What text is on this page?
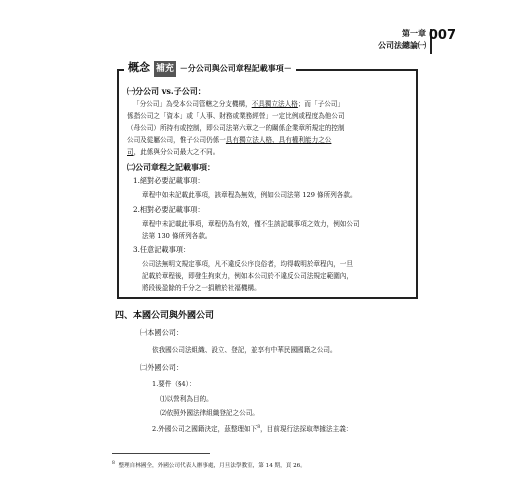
第一章
公司法總論㈠
007
概念 補充 －分公司與公司章程記載事項－
㈠分公司 vs.子公司：
「分公司」為受本公司管轄之分支機構，不具獨立法人格；而「子公司」
係指公司之「資本」或「人事、財務或業務經營」一定比例或程度為他公司
（母公司）所持有或控制，即公司法第六章之一的關係企業章所規定的控制
公司及從屬公司，惟子公司仍係一具有獨立法人格、具有權利能力之公
司，此係與分公司最大之不同。
㈡公司章程之記載事項：
1.絕對必要記載事項：
章程中如未記載此事項，該章程為無效，例如公司法第 129 條所列各款。
2.相對必要記載事項：
章程中未記載此事項，章程仍為有效，僅不生該記載事項之效力，例如公司
法第 130 條所列各款。
3.任意記載事項：
公司法無明文規定事項，凡不違反公序良俗者，均得載明於章程內，一旦
記載於章程後，即發生拘束力，例如本公司於不違反公司法規定範圍內，
將段後盈餘的千分之一捐贈於社福機構。
四、本國公司與外國公司
㈠本國公司：
依我國公司法組織、設立、登記，並享有中華民國國籍之公司。
㈡外國公司：
1.要件（§4）：
⑴以營利為目的。
⑵依照外國法律組織登記之公司。
2.外國公司之國籍決定，茲整理如下$^8$，目前現行法採取準據法主義：
$^8$ 整理自林國全，外國公司代表人辦事處，月旦法學教室，第 14 期，頁 26。
